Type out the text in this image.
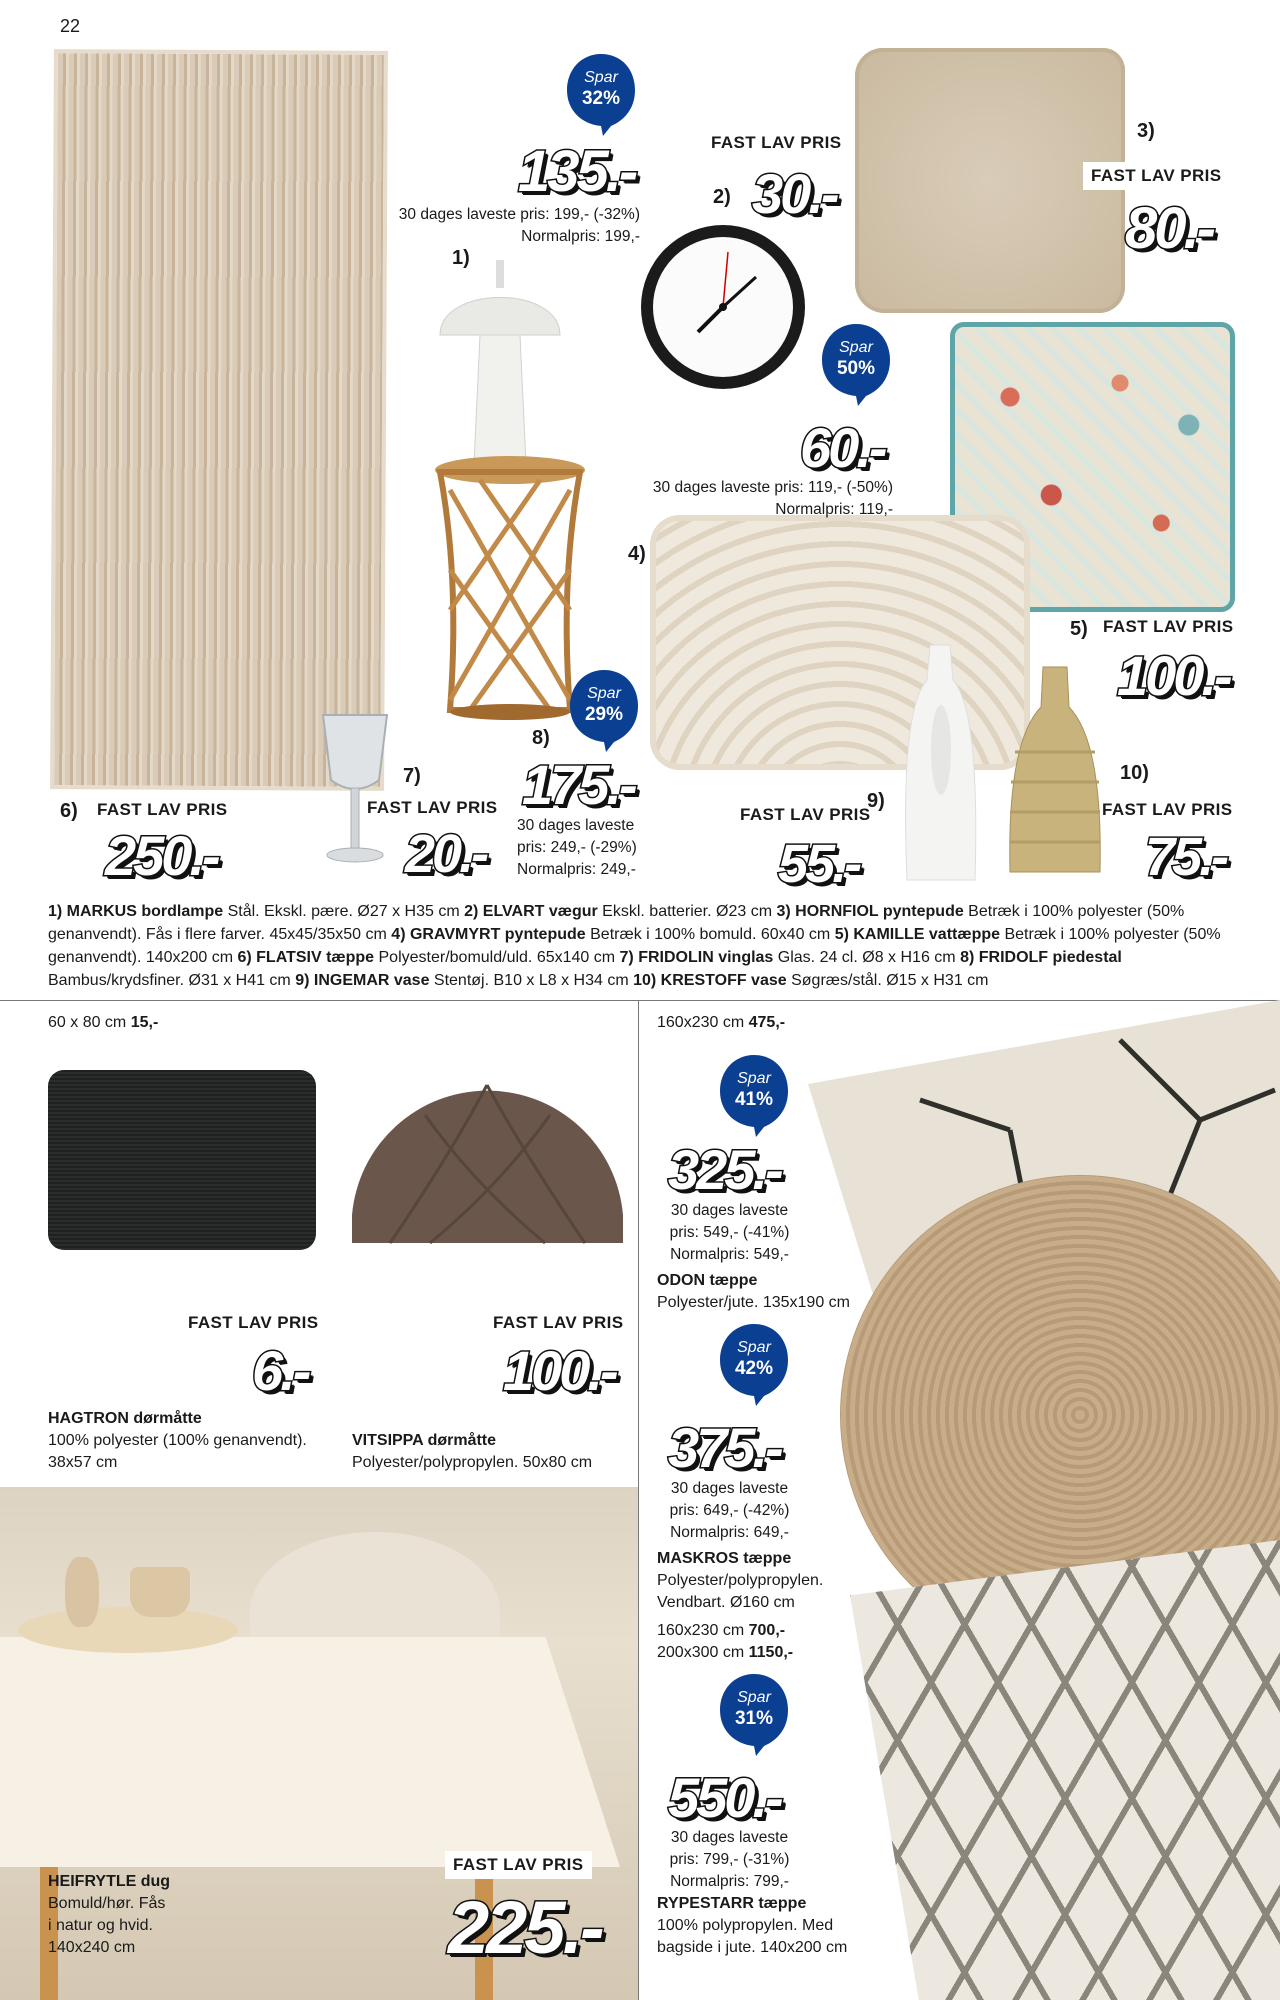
22
Spar
32%
Spar
50%
Spar
29%
135.-
30 dages laveste pris: 199,- (-32%)
Normalpris: 199,-
1)
FAST LAV PRIS
2) 30.-
3)
FAST LAV PRIS
80.-
60.-
30 dages laveste pris: 119,- (-50%)
Normalpris: 119,-
4)
5) FAST LAV PRIS
100.-
8)
175.-
30 dages laveste
pris: 249,- (-29%)
Normalpris: 249,-
7)
FAST LAV PRIS
20.-
6) FAST LAV PRIS
250.-
FAST LAV PRIS
9)
55.-
10)
FAST LAV PRIS
75.-
1) MARKUS bordlampe Stål. Ekskl. pære. Ø27 x H35 cm 2) ELVART vægur Ekskl. batterier. Ø23 cm 3) HORNFIOL pyntepude Betræk i 100% polyester (50% genanvendt). Fås i flere farver. 45x45/35x50 cm 4) GRAVMYRT pyntepude Betræk i 100% bomuld. 60x40 cm 5) KAMILLE vattæppe Betræk i 100% polyester (50% genanvendt). 140x200 cm 6) FLATSIV tæppe Polyester/bomuld/uld. 65x140 cm 7) FRIDOLIN vinglas Glas. 24 cl. Ø8 x H16 cm 8) FRIDOLF piedestal Bambus/krydsfiner. Ø31 x H41 cm 9) INGEMAR vase Stentøj. B10 x L8 x H34 cm 10) KRESTOFF vase Søgræs/stål. Ø15 x H31 cm
60 x 80 cm 15,-
FAST LAV PRIS
6.-
FAST LAV PRIS
100.-
HAGTRON dørmåtte
100% polyester (100% genanvendt).
38x57 cm
VITSIPPA dørmåtte
Polyester/polypropylen. 50x80 cm
HEIFRYTLE dug
Bomuld/hør. Fås
i natur og hvid.
140x240 cm
FAST LAV PRIS
225.-
160x230 cm 475,-
Spar
41%
325.-
30 dages laveste
pris: 549,- (-41%)
Normalpris: 549,-
ODON tæppe
Polyester/jute. 135x190 cm
Spar
42%
375.-
30 dages laveste
pris: 649,- (-42%)
Normalpris: 649,-
MASKROS tæppe
Polyester/polypropylen.
Vendbart. Ø160 cm
160x230 cm 700,-
200x300 cm 1150,-
Spar
31%
550.-
30 dages laveste
pris: 799,- (-31%)
Normalpris: 799,-
RYPESTARR tæppe
100% polypropylen. Med
bagside i jute. 140x200 cm
